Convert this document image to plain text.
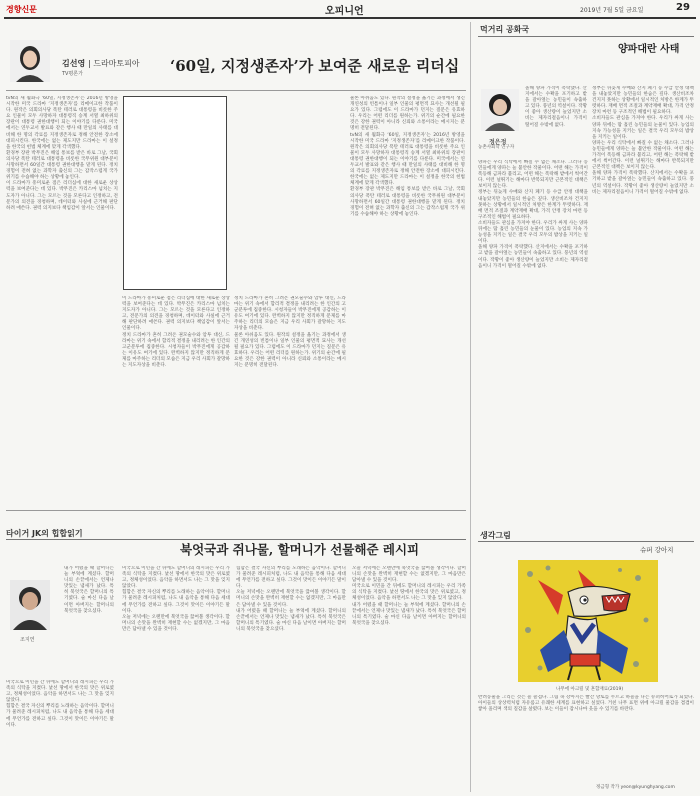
경향신문	오피니언	2019년 7월 5일 금요일	29
김선영 | 드라마토피아
TV평론가	‘60일, 지정생존자’가 보여준 새로운 리더십

tvN의 새 월화극 ‘60일, 지정생존자’는 2016년 방영을 시작한 미국 드라마 ‘지정생존자’를 리메이크한 작품이다. 원작은 의회의사당 폭탄 테러로 대통령을 비롯한 주요 인물이 모두 사망하자 대통령직 승계 서열 최하위의 장관이 대통령 권한대행이 되는 이야기를 다룬다. 미국에서는 연두교서 발표와 같은 행사 때 만일의 사태를 대비해 한 명의 각료를 지정생존자로 정해 안전한 장소에 대피시킨다. 한국에는 없는 제도지만 드라마는 이 설정을 한국의 헌법 체계에 맞게 각색했다.

환경부 장관 박무진은 해임 통보를 받은 바로 그날, 국회의사당 폭탄 테러로 대통령을 비롯한 국무위원 대부분이 사망하면서 60일간 대통령 권한대행을 맡게 된다. 정치 경험이 전혀 없는 과학자 출신의 그는 갑작스럽게 국가 위기를 수습해야 하는 상황에 놓인다.

이 드라마가 흥미로운 점은 리더십에 대한 새로운 상상력을 보여준다는 데 있다. 박무진은 카리스마 넘치는 지도자가 아니다. 그는 모르는 것을 모른다고 인정하고, 전문가의 의견을 경청하며, 데이터와 사실에 근거해 판단하려 애쓴다. 권력 의지보다 책임감이 앞서는 인물이다.

이 드라마가 흥미로운 점은 리더십에 대한 새로운 상상력을 보여준다는 데 있다. 박무진은 카리스마 넘치는 지도자가 아니다. 그는 모르는 것을 모른다고 인정하고, 전문가의 의견을 경청하며, 데이터와 사실에 근거해 판단하려 애쓴다. 권력 의지보다 책임감이 앞서는 인물이다.

정치 드라마가 흔히 그려온 권모술수와 암투 대신, 드라마는 위기 속에서 합리적 결정을 내리려는 한 인간의 고군분투에 집중한다. 시청자들이 박무진에게 공감하는 이유도 여기에 있다. 완벽하지 않지만 정직하게 문제를 마주하는 리더의 모습은 지금 우리 사회가 갈망하는 지도자상을 비춘다.

정치 드라마가 흔히 그려온 권모술수와 암투 대신, 드라마는 위기 속에서 합리적 결정을 내리려는 한 인간의 고군분투에 집중한다. 시청자들이 박무진에게 공감하는 이유도 여기에 있다. 완벽하지 않지만 정직하게 문제를 마주하는 리더의 모습은 지금 우리 사회가 갈망하는 지도자상을 비춘다.

물론 아쉬움도 있다. 원작의 설정을 옮기는 과정에서 생긴 개연성의 빈틈이나 일부 인물의 평면적 묘사는 개선될 필요가 있다. 그럼에도 이 드라마가 던지는 질문은 유효하다. 우리는 어떤 리더를 원하는가. 위기의 순간에 필요한 것은 강한 권력이 아니라 신뢰와 소통이라는 메시지는 분명히 전달된다.

물론 아쉬움도 있다. 원작의 설정을 옮기는 과정에서 생긴 개연성의 빈틈이나 일부 인물의 평면적 묘사는 개선될 필요가 있다. 그럼에도 이 드라마가 던지는 질문은 유효하다. 우리는 어떤 리더를 원하는가. 위기의 순간에 필요한 것은 강한 권력이 아니라 신뢰와 소통이라는 메시지는 분명히 전달된다.

tvN의 새 월화극 ‘60일, 지정생존자’는 2016년 방영을 시작한 미국 드라마 ‘지정생존자’를 리메이크한 작품이다. 원작은 의회의사당 폭탄 테러로 대통령을 비롯한 주요 인물이 모두 사망하자 대통령직 승계 서열 최하위의 장관이 대통령 권한대행이 되는 이야기를 다룬다. 미국에서는 연두교서 발표와 같은 행사 때 만일의 사태를 대비해 한 명의 각료를 지정생존자로 정해 안전한 장소에 대피시킨다. 한국에는 없는 제도지만 드라마는 이 설정을 한국의 헌법 체계에 맞게 각색했다.

환경부 장관 박무진은 해임 통보를 받은 바로 그날, 국회의사당 폭탄 테러로 대통령을 비롯한 국무위원 대부분이 사망하면서 60일간 대통령 권한대행을 맡게 된다. 정치 경험이 전혀 없는 과학자 출신의 그는 갑작스럽게 국가 위기를 수습해야 하는 상황에 놓인다.

먹거리 공화국
양파대란 사태
정은정
농촌사회학 연구자

올해 양파 가격이 폭락했다. 산지에서는 수확을 포기하고 밭을 갈아엎는 농민들이 속출하고 있다. 풍년의 역설이다. 작황이 좋아 생산량이 늘었지만 소비는 제자리걸음이니 가격이 떨어질 수밖에 없다.

양파는 우리 식탁에서 빠질 수 없는 채소다. 그러나 농민들에게 양파는 늘 불안한 작물이다. 어떤 해는 가격이 폭등해 금파라 불리고, 어떤 해는 폭락해 밭에서 썩어간다. 이런 널뛰기는 해마다 반복되지만 근본적인 대책은 보이지 않는다.

정부는 뒤늦게 수매와 산지 폐기 등 수급 안정 대책을 내놓았지만 농민들의 한숨은 깊다. 생산비조차 건지지 못하는 상황에서 일시적인 처방은 한계가 뚜렷하다. 재배 면적 조절과 계약재배 확대, 가격 안정 장치 마련 등 구조적인 해법이 필요하다.

소비자들도 관심을 가져야 한다. 우리가 싸게 사는 양파 뒤에는 땀 흘린 농민들의 눈물이 있다. 농업의 지속 가능성을 지키는 일은 결국 우리 모두의 밥상을 지키는 일이다.

올해 양파 가격이 폭락했다. 산지에서는 수확을 포기하고 밭을 갈아엎는 농민들이 속출하고 있다. 풍년의 역설이다. 작황이 좋아 생산량이 늘었지만 소비는 제자리걸음이니 가격이 떨어질 수밖에 없다.

정부는 뒤늦게 수매와 산지 폐기 등 수급 안정 대책을 내놓았지만 농민들의 한숨은 깊다. 생산비조차 건지지 못하는 상황에서 일시적인 처방은 한계가 뚜렷하다. 재배 면적 조절과 계약재배 확대, 가격 안정 장치 마련 등 구조적인 해법이 필요하다.

소비자들도 관심을 가져야 한다. 우리가 싸게 사는 양파 뒤에는 땀 흘린 농민들의 눈물이 있다. 농업의 지속 가능성을 지키는 일은 결국 우리 모두의 밥상을 지키는 일이다.

양파는 우리 식탁에서 빠질 수 없는 채소다. 그러나 농민들에게 양파는 늘 불안한 작물이다. 어떤 해는 가격이 폭등해 금파라 불리고, 어떤 해는 폭락해 밭에서 썩어간다. 이런 널뛰기는 해마다 반복되지만 근본적인 대책은 보이지 않는다.

올해 양파 가격이 폭락했다. 산지에서는 수확을 포기하고 밭을 갈아엎는 농민들이 속출하고 있다. 풍년의 역설이다. 작황이 좋아 생산량이 늘었지만 소비는 제자리걸음이니 가격이 떨어질 수밖에 없다.

타이거 JK의 힙합읽기
북엇국과 쥐나물, 할머니가 선물해준 레시피
조지연

내가 어렸을 때 할머니는 늘 부엌에 계셨다. 할머니의 손끝에서는 언제나 맛있는 냄새가 났다. 특히 북엇국은 할머니의 특기였다. 술 마신 다음 날이면 아버지는 할머니의 북엇국을 찾으셨다.

미국으로 이민을 간 뒤에도 할머니의 레시피는 우리 가족의 식탁을 지켰다. 낯선 땅에서 한국의 맛은 위로였고, 정체성이었다. 음악을 하면서도 나는 그 맛을 잊지 않았다.

힙합은 결국 자신의 뿌리를 노래하는 음악이다. 할머니가 물려준 레시피처럼, 나도 내 음악을 통해 다음 세대에 무언가를 전하고 싶다. 그것이 맛이든 이야기든 말이다.

미국으로 이민을 간 뒤에도 할머니의 레시피는 우리 가족의 식탁을 지켰다. 낯선 땅에서 한국의 맛은 위로였고, 정체성이었다. 음악을 하면서도 나는 그 맛을 잊지 않았다.

힙합은 결국 자신의 뿌리를 노래하는 음악이다. 할머니가 물려준 레시피처럼, 나도 내 음악을 통해 다음 세대에 무언가를 전하고 싶다. 그것이 맛이든 이야기든 말이다.

오늘 저녁에는 오랜만에 북엇국을 끓여볼 생각이다. 할머니의 손맛을 완벽히 재현할 수는 없겠지만, 그 마음만은 담아낼 수 있을 것이다.

힙합은 결국 자신의 뿌리를 노래하는 음악이다. 할머니가 물려준 레시피처럼, 나도 내 음악을 통해 다음 세대에 무언가를 전하고 싶다. 그것이 맛이든 이야기든 말이다.

오늘 저녁에는 오랜만에 북엇국을 끓여볼 생각이다. 할머니의 손맛을 완벽히 재현할 수는 없겠지만, 그 마음만은 담아낼 수 있을 것이다.

내가 어렸을 때 할머니는 늘 부엌에 계셨다. 할머니의 손끝에서는 언제나 맛있는 냄새가 났다. 특히 북엇국은 할머니의 특기였다. 술 마신 다음 날이면 아버지는 할머니의 북엇국을 찾으셨다.

오늘 저녁에는 오랜만에 북엇국을 끓여볼 생각이다. 할머니의 손맛을 완벽히 재현할 수는 없겠지만, 그 마음만은 담아낼 수 있을 것이다.

미국으로 이민을 간 뒤에도 할머니의 레시피는 우리 가족의 식탁을 지켰다. 낯선 땅에서 한국의 맛은 위로였고, 정체성이었다. 음악을 하면서도 나는 그 맛을 잊지 않았다.

내가 어렸을 때 할머니는 늘 부엌에 계셨다. 할머니의 손끝에서는 언제나 맛있는 냄새가 났다. 특히 북엇국은 할머니의 특기였다. 술 마신 다음 날이면 아버지는 할머니의 북엇국을 찾으셨다.

생각그림
슈퍼 강아지
나무에 아크릴 및 혼합재료(2019)

반려동물을 그리는 것은 늘 즐겁다. 그림 속 강아지는 빨간 망토를 두르고 하늘을 나는 슈퍼히어로가 되었다. 아이들의 상상력처럼 자유롭고 유쾌한 세계를 표현하고 싶었다. 거친 나무 표면 위에 아크릴 물감을 겹겹이 쌓아 올리며 색의 질감을 살렸다. 보는 이들이 잠시나마 웃을 수 있기를 바란다.

정금형 작가 yeon@kyunghyang.com
